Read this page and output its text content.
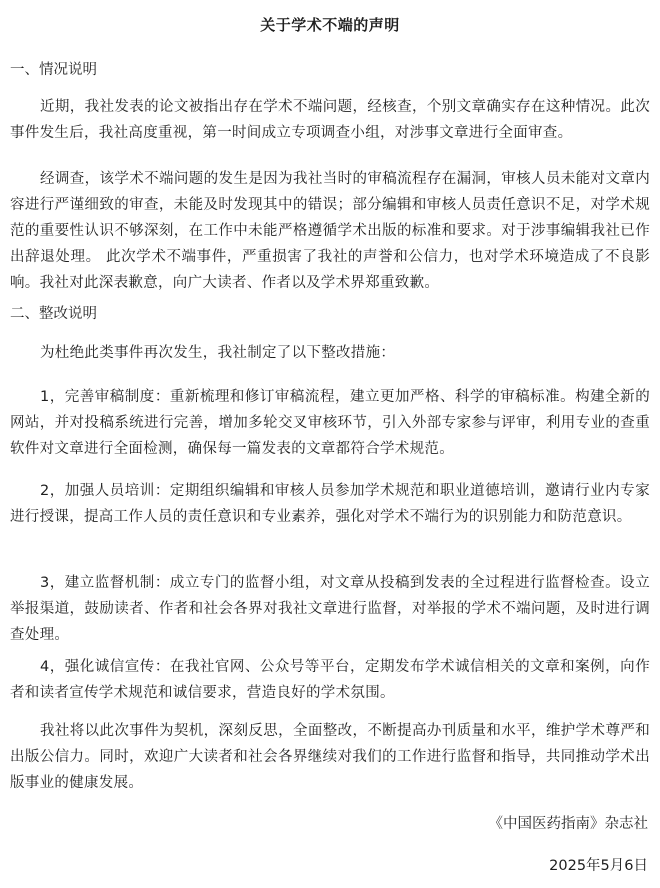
关于学术不端的声明
一、情况说明

近期，我社发表的论文被指出存在学术不端问题，经核查，个别文章确实存在这种情况。此次事件发生后，我社高度重视，第一时间成立专项调查小组，对涉事文章进行全面审查。

经调查，该学术不端问题的发生是因为我社当时的审稿流程存在漏洞，审核人员未能对文章内容进行严谨细致的审查，未能及时发现其中的错误；部分编辑和审核人员责任意识不足，对学术规范的重要性认识不够深刻，在工作中未能严格遵循学术出版的标准和要求。对于涉事编辑我社已作出辞退处理。 此次学术不端事件，严重损害了我社的声誉和公信力，也对学术环境造成了不良影响。我社对此深表歉意，向广大读者、作者以及学术界郑重致歉。

二、整改说明

为杜绝此类事件再次发生，我社制定了以下整改措施：

1，完善审稿制度：重新梳理和修订审稿流程，建立更加严格、科学的审稿标准。构建全新的网站，并对投稿系统进行完善，增加多轮交叉审核环节，引入外部专家参与评审，利用专业的查重软件对文章进行全面检测，确保每一篇发表的文章都符合学术规范。

2，加强人员培训：定期组织编辑和审核人员参加学术规范和职业道德培训，邀请行业内专家进行授课，提高工作人员的责任意识和专业素养，强化对学术不端行为的识别能力和防范意识。

3，建立监督机制：成立专门的监督小组，对文章从投稿到发表的全过程进行监督检查。设立举报渠道，鼓励读者、作者和社会各界对我社文章进行监督，对举报的学术不端问题，及时进行调查处理。

4，强化诚信宣传：在我社官网、公众号等平台，定期发布学术诚信相关的文章和案例，向作者和读者宣传学术规范和诚信要求，营造良好的学术氛围。

我社将以此次事件为契机，深刻反思，全面整改，不断提高办刊质量和水平，维护学术尊严和出版公信力。同时，欢迎广大读者和社会各界继续对我们的工作进行监督和指导，共同推动学术出版事业的健康发展。

《中国医药指南》杂志社
2025年5月6日
